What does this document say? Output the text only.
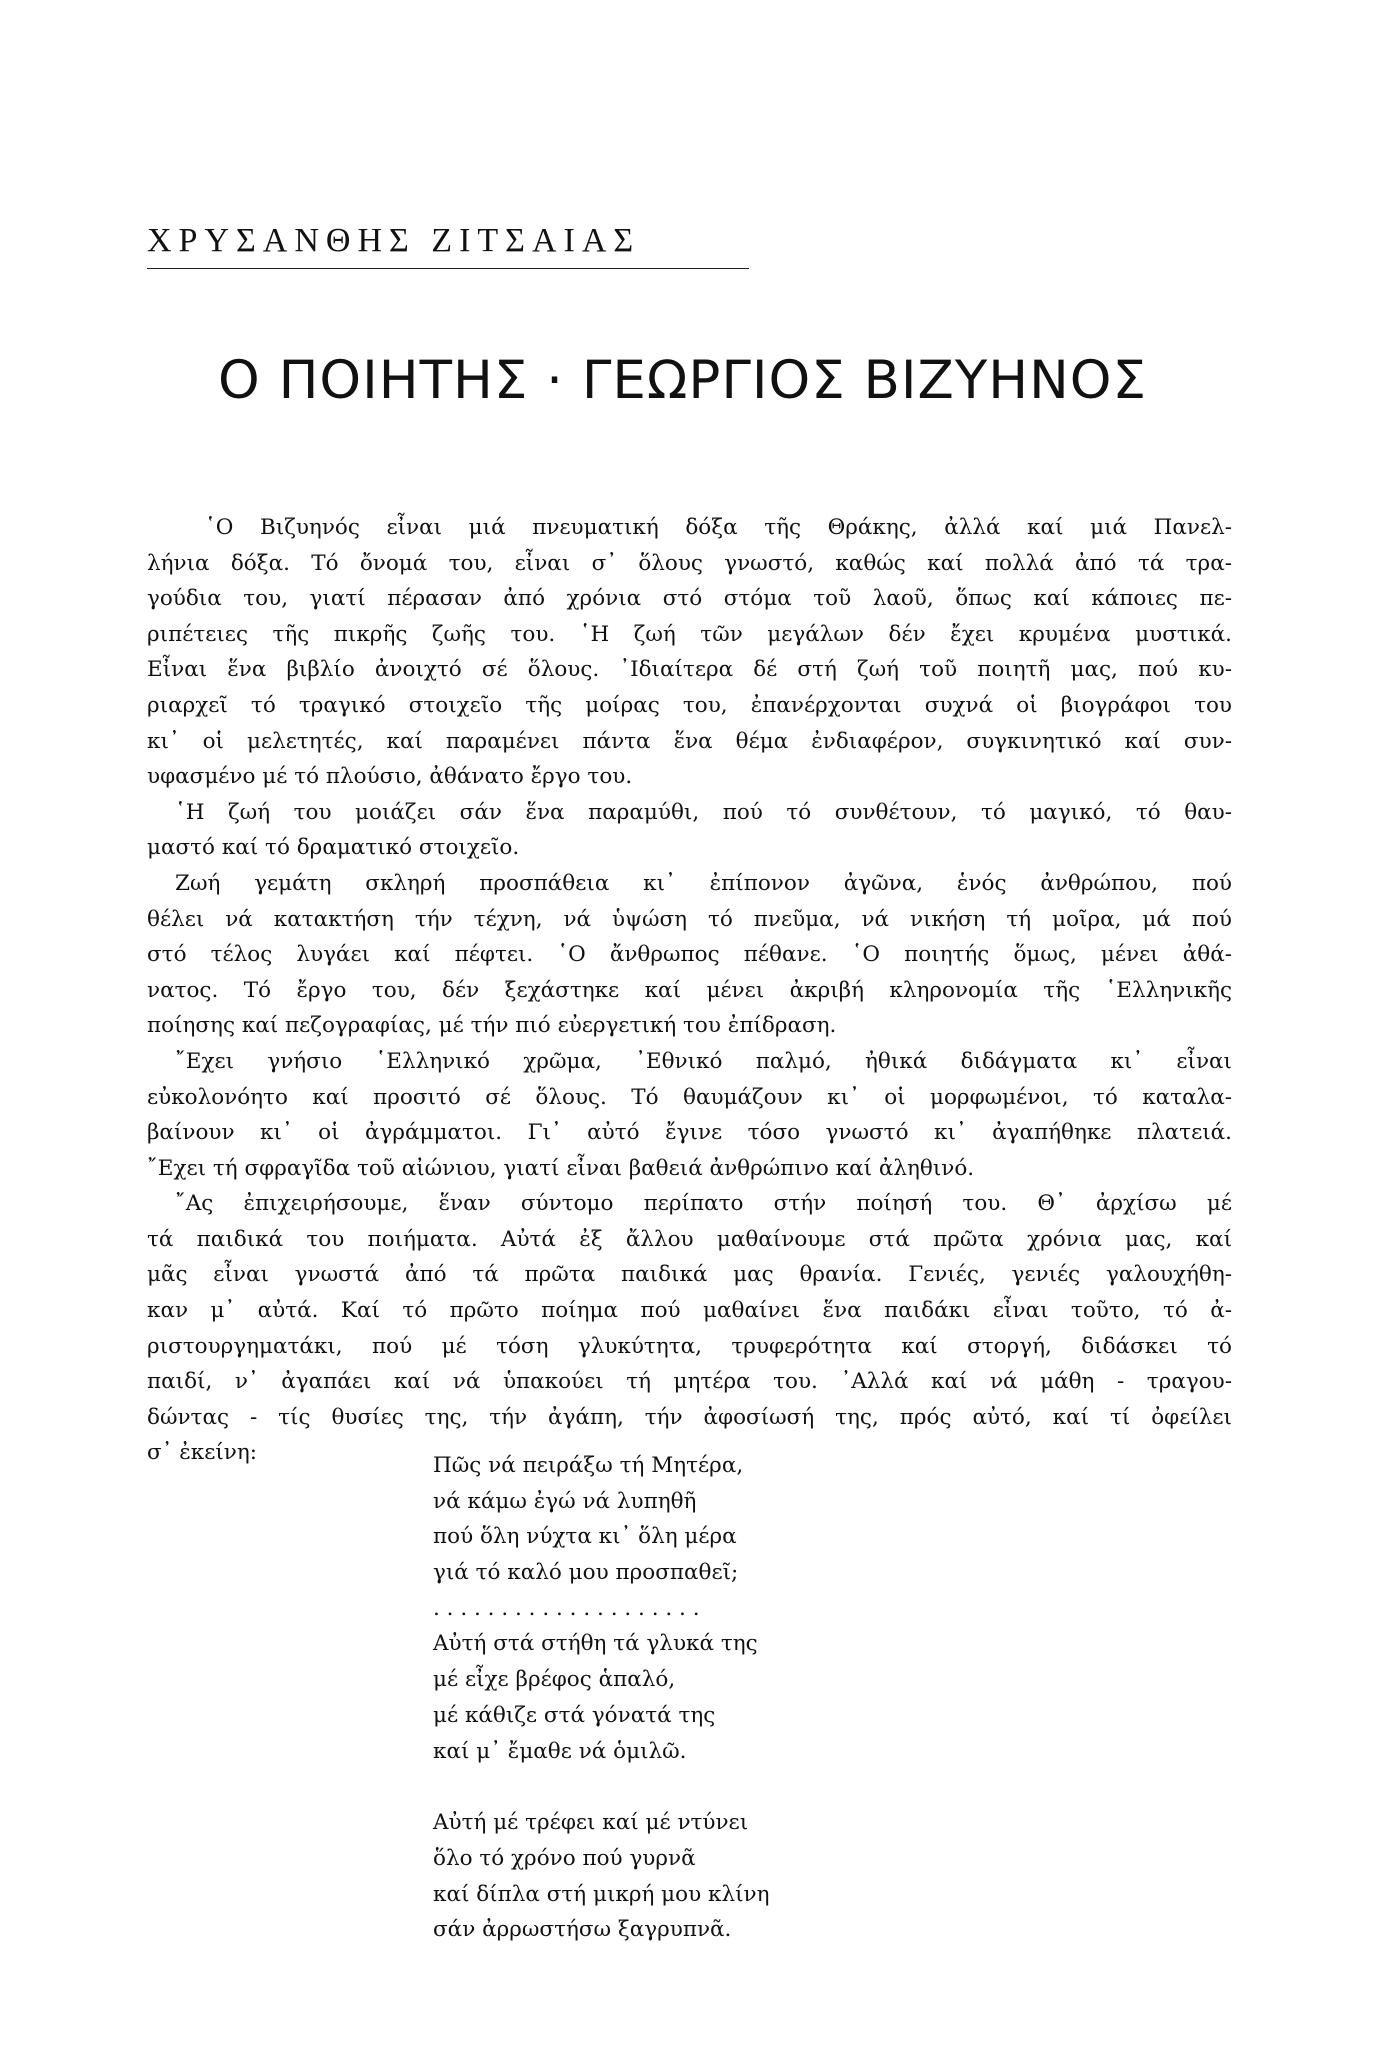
ΧΡΥΣΑΝΘΗΣ ΖΙΤΣΑΙΑΣ
Ο ΠΟΙΗΤΗΣ · ΓΕΩΡΓΙΟΣ ΒΙΖΥΗΝΟΣ
῾Ο Βιζυηνός εἶναι μιά πνευματική δόξα τῆς Θράκης, ἀλλά καί μιά Πανελ-
λήνια δόξα. Τό ὄνομά του, εἶναι σ᾽ ὅλους γνωστό, καθώς καί πολλά ἀπό τά τρα-
γούδια του, γιατί πέρασαν ἀπό χρόνια στό στόμα τοῦ λαοῦ, ὅπως καί κάποιες πε-
ριπέτειες τῆς πικρῆς ζωῆς του. ῾Η ζωή τῶν μεγάλων δέν ἔχει κρυμένα μυστικά.
Εἶναι ἕνα βιβλίο ἀνοιχτό σέ ὅλους. ᾽Ιδιαίτερα δέ στή ζωή τοῦ ποιητῆ μας, πού κυ-
ριαρχεῖ τό τραγικό στοιχεῖο τῆς μοίρας του, ἐπανέρχονται συχνά οἱ βιογράφοι του
κι᾽ οἱ μελετητές, καί παραμένει πάντα ἕνα θέμα ἐνδιαφέρον, συγκινητικό καί συν-
υφασμένο μέ τό πλούσιο, ἀθάνατο ἔργο του.
῾Η ζωή του μοιάζει σάν ἕνα παραμύθι, πού τό συνθέτουν, τό μαγικό, τό θαυ-
μαστό καί τό δραματικό στοιχεῖο.
Ζωή γεμάτη σκληρή προσπάθεια κι᾽ ἐπίπονον ἀγῶνα, ἑνός ἀνθρώπου, πού
θέλει νά κατακτήση τήν τέχνη, νά ὑψώση τό πνεῦμα, νά νικήση τή μοῖρα, μά πού
στό τέλος λυγάει καί πέφτει. ῾Ο ἄνθρωπος πέθανε. ῾Ο ποιητής ὅμως, μένει ἀθά-
νατος. Τό ἔργο του, δέν ξεχάστηκε καί μένει ἀκριβή κληρονομία τῆς ῾Ελληνικῆς
ποίησης καί πεζογραφίας, μέ τήν πιό εὐεργετική του ἐπίδραση.
῎Εχει γνήσιο ῾Ελληνικό χρῶμα, ᾽Εθνικό παλμό, ἠθικά διδάγματα κι᾽ εἶναι
εὐκολονόητο καί προσιτό σέ ὅλους. Τό θαυμάζουν κι᾽ οἱ μορφωμένοι, τό καταλα-
βαίνουν κι᾽ οἱ ἀγράμματοι. Γι᾽ αὐτό ἔγινε τόσο γνωστό κι᾽ ἀγαπήθηκε πλατειά.
῎Εχει τή σφραγῖδα τοῦ αἰώνιου, γιατί εἶναι βαθειά ἀνθρώπινο καί ἀληθινό.
῎Ας ἐπιχειρήσουμε, ἕναν σύντομο περίπατο στήν ποίησή του. Θ᾽ ἀρχίσω μέ
τά παιδικά του ποιήματα. Αὐτά ἐξ ἄλλου μαθαίνουμε στά πρῶτα χρόνια μας, καί
μᾶς εἶναι γνωστά ἀπό τά πρῶτα παιδικά μας θρανία. Γενιές, γενιές γαλουχήθη-
καν μ᾽ αὐτά. Καί τό πρῶτο ποίημα πού μαθαίνει ἕνα παιδάκι εἶναι τοῦτο, τό ἀ-
ριστουργηματάκι, πού μέ τόση γλυκύτητα, τρυφερότητα καί στοργή, διδάσκει τό
παιδί, ν᾽ ἀγαπάει καί νά ὑπακούει τή μητέρα του. ᾽Αλλά καί νά μάθη - τραγου-
δώντας - τίς θυσίες της, τήν ἀγάπη, τήν ἀφοσίωσή της, πρός αὐτό, καί τί ὀφείλει
σ᾽ ἐκείνη:
Πῶς νά πειράξω τή Μητέρα,
νά κάμω ἐγώ νά λυπηθῆ
πού ὅλη νύχτα κι᾽ ὅλη μέρα
γιά τό καλό μου προσπαθεῖ;
. . . . . . . . . . . . . . . . . . . .
Αὐτή στά στήθη τά γλυκά της
μέ εἶχε βρέφος ἁπαλό,
μέ κάθιζε στά γόνατά της
καί μ᾽ ἔμαθε νά ὁμιλῶ.
Αὐτή μέ τρέφει καί μέ ντύνει
ὅλο τό χρόνο πού γυρνᾶ
καί δίπλα στή μικρή μου κλίνη
σάν ἀρρωστήσω ξαγρυπνᾶ.
